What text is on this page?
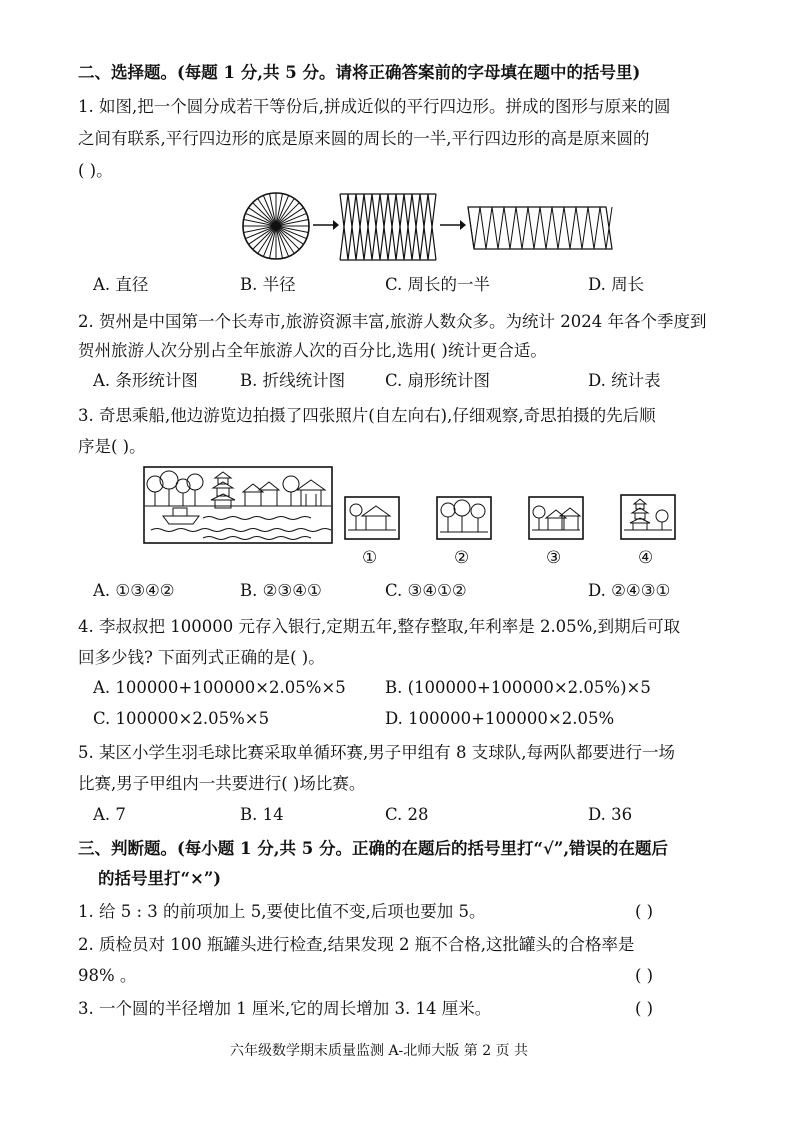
二、选择题。(每题 1 分,共 5 分。请将正确答案前的字母填在题中的括号里)
1. 如图,把一个圆分成若干等份后,拼成近似的平行四边形。拼成的图形与原来的圆
之间有联系,平行四边形的底是原来圆的周长的一半,平行四边形的高是原来圆的
( )。
A. 直径	B. 半径	C. 周长的一半	D. 周长
2. 贺州是中国第一个长寿市,旅游资源丰富,旅游人数众多。为统计 2024 年各个季度到
贺州旅游人次分别占全年旅游人次的百分比,选用( )统计更合适。
A. 条形统计图	B. 折线统计图 C. 扇形统计图	D. 统计表
3. 奇思乘船,他边游览边拍摄了四张照片(自左向右),仔细观察,奇思拍摄的先后顺
序是( )。
①	②	③	④
A. ①③④②	B. ②③④①	C. ③④①②	D. ②④③①
4. 李叔叔把 100000 元存入银行,定期五年,整存整取,年利率是 2.05%,到期后可取
回多少钱? 下面列式正确的是( )。
A. 100000+100000×2.05%×5 B. (100000+100000×2.05%)×5
C. 100000×2.05%×5	D. 100000+100000×2.05%
5. 某区小学生羽毛球比赛采取单循环赛,男子甲组有 8 支球队,每两队都要进行一场
比赛,男子甲组内一共要进行( )场比赛。
A. 7	B. 14	C. 28	D. 36
三、判断题。(每小题 1 分,共 5 分。正确的在题后的括号里打“√”,错误的在题后
的括号里打“×”)
1. 给 5 : 3 的前项加上 5,要使比值不变,后项也要加 5。	( )
2. 质检员对 100 瓶罐头进行检查,结果发现 2 瓶不合格,这批罐头的合格率是
98% 。	( )
3. 一个圆的半径增加 1 厘米,它的周长增加 3. 14 厘米。	( )
六年级数学期末质量监测 A-北师大版 第 2 页 共
